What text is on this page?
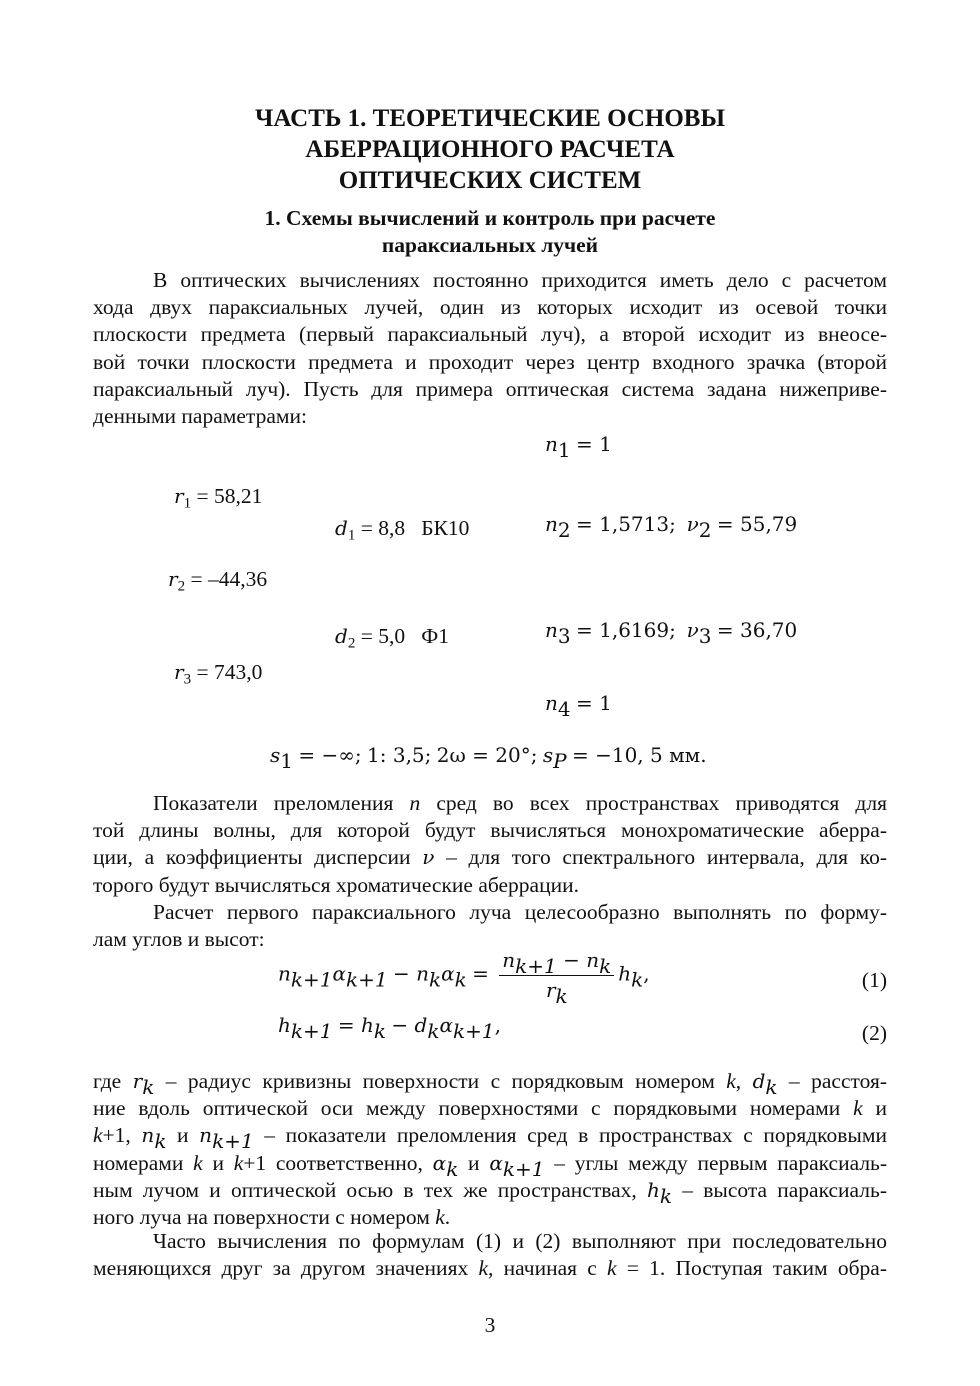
ЧАСТЬ 1. ТЕОРЕТИЧЕСКИЕ ОСНОВЫ
АБЕРРАЦИОННОГО РАСЧЕТА
ОПТИЧЕСКИХ СИСТЕМ
1. Схемы вычислений и контроль при расчете
параксиальных лучей
В оптических вычислениях постоянно приходится иметь дело с расчетом
хода двух параксиальных лучей, один из которых исходит из осевой точки
плоскости предмета (первый параксиальный луч), а второй исходит из внеосе-
вой точки плоскости предмета и проходит через центр входного зрачка (второй
параксиальный луч). Пусть для примера оптическая система задана нижеприве-
денными параметрами:
$n_1 = 1$
$r_1 = 58,21$
$d_1 = 8,8$   БК10	$n_2 = 1,5713$; $\nu_2 = 55,79$
$r_2 = -44,36$
$d_2 = 5,0$   Ф1	$n_3 = 1,6169$; $\nu_3 = 36,70$
$r_3 = 743,0$
$n_4 = 1$
$s_1$ = −∞; 1: 3,5; 2ω = 20°; $s_P = -10$, 5 мм.
Показатели преломления n сред во всех пространствах приводятся для
той длины волны, для которой будут вычисляться монохроматические аберра-
ции, а коэффициенты дисперсии ν – для того спектрального интервала, для ко-
торого будут вычисляться хроматические аберрации.
Расчет первого параксиального луча целесообразно выполнять по форму-
лам углов и высот:
$n_{k+1}\alpha_{k+1} - n_k\alpha_k = \frac{n_{k+1} - n_k}{r_k} h_k$,	(1)
$h_{k+1} = h_k - d_k\alpha_{k+1}$,	(2)
где $r_k$ – радиус кривизны поверхности с порядковым номером k, $d_k$ – расстоя-
ние вдоль оптической оси между поверхностями с порядковыми номерами k и
k+1, $n_k$ и $n_{k+1}$ – показатели преломления сред в пространствах с порядковыми
номерами k и k+1 соответственно, $\alpha_k$ и $\alpha_{k+1}$ – углы между первым параксиаль-
ным лучом и оптической осью в тех же пространствах, $h_k$ – высота параксиаль-
ного луча на поверхности с номером k.
Часто вычисления по формулам (1) и (2) выполняют при последовательно
меняющихся друг за другом значениях k, начиная с k = 1. Поступая таким обра-
3
